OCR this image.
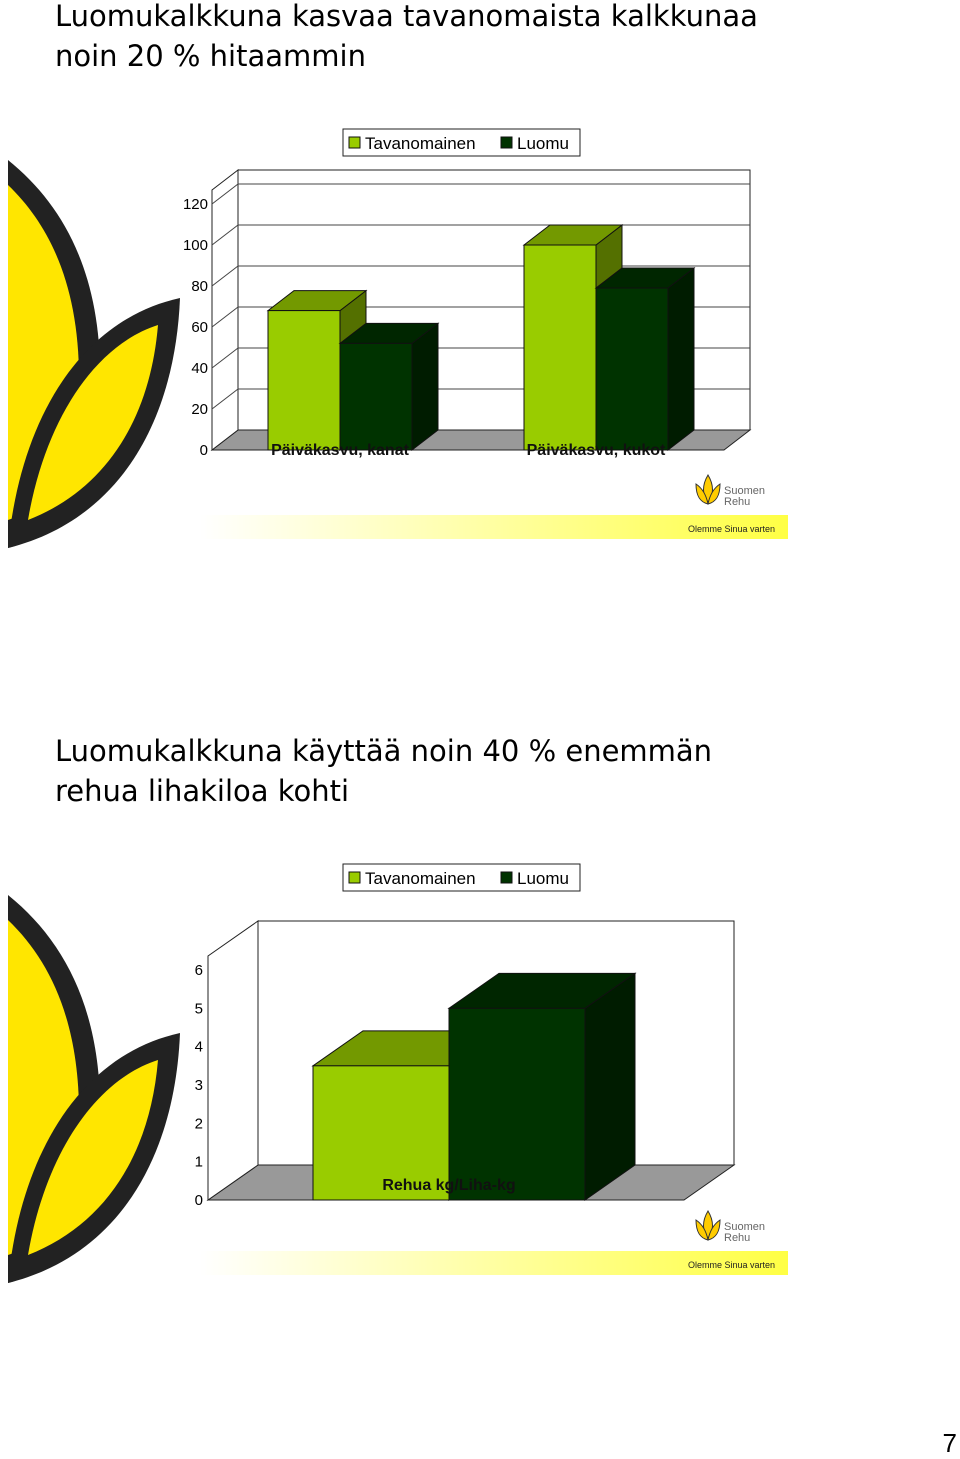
Luomukalkkuna kasvaa tavanomaista kalkkunaa
noin 20 % hitaammin
0
20
40
60
80
100
120
Päiväkasvu, kanat	Päiväkasvu, kukot
Tavanomainen Luomu
Suomen
Rehu
Olemme Sinua varten
Luomukalkkuna käyttää noin 40 % enemmän
rehua lihakiloa kohti
0
1
2
3
4
5
6
Rehua kg/Liha-kg
Tavanomainen Luomu
Suomen
Rehu
Olemme Sinua varten
7
